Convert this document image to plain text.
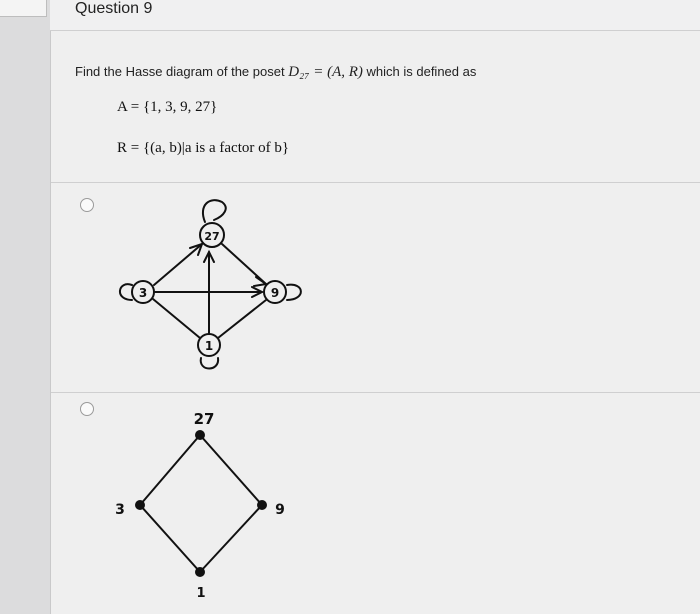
Question 9
Find the Hasse diagram of the poset D₂₇ = (A, R) which is defined as
A = {1, 3, 9, 27}
R = {(a, b)|a is a factor of b}
27
3	9
1
27
3	9
1
